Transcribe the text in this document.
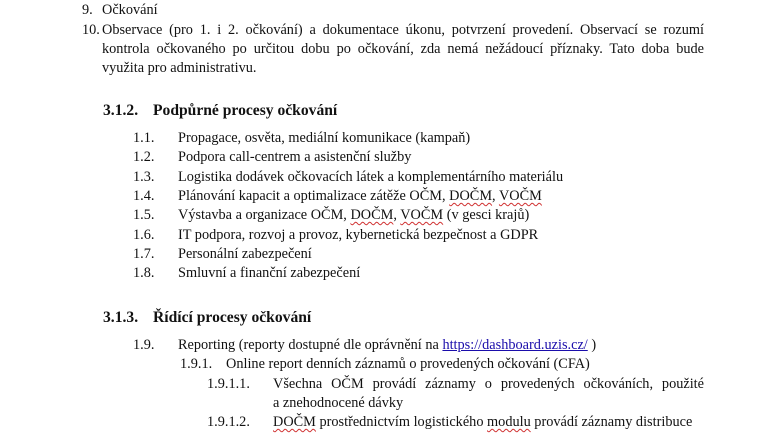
9. Očkování
10. Observace (pro 1. i 2. očkování) a dokumentace úkonu, potvrzení provedení. Observací se rozumí
kontrola očkovaného po určitou dobu po očkování, zda nemá nežádoucí příznaky. Tato doba bude
využita pro administrativu.
3.1.2. Podpůrné procesy očkování
1.1. Propagace, osvěta, mediální komunikace (kampaň)
1.2. Podpora call-centrem a asistenční služby
1.3. Logistika dodávek očkovacích látek a komplementárního materiálu
1.4. Plánování kapacit a optimalizace zátěže OČM, DOČM, VOČM
1.5. Výstavba a organizace OČM, DOČM, VOČM (v gesci krajů)
1.6. IT podpora, rozvoj a provoz, kybernetická bezpečnost a GDPR
1.7. Personální zabezpečení
1.8. Smluvní a finanční zabezpečení
3.1.3. Řídící procesy očkování
1.9. Reporting (reporty dostupné dle oprávnění na https://dashboard.uzis.cz/ )
1.9.1. Online report denních záznamů o provedených očkování (CFA)
1.9.1.1. Všechna OČM provádí záznamy o provedených očkováních, použité
a znehodnocené dávky
1.9.1.2. DOČM prostřednictvím logistického modulu provádí záznamy distribuce
